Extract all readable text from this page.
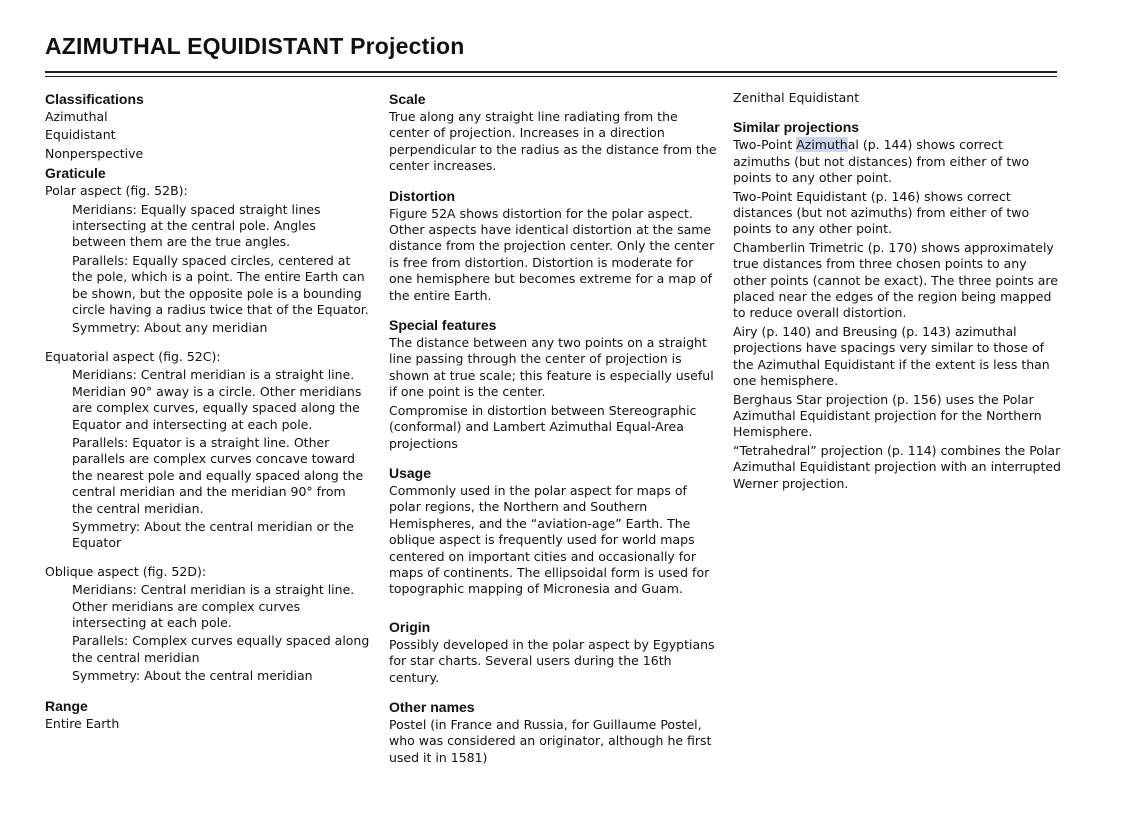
AZIMUTHAL EQUIDISTANT Projection
Classifications

Azimuthal

Equidistant

Nonperspective

Graticule

Polar aspect (fig. 52B):

Meridians: Equally spaced straight lines intersecting at the central pole. Angles between them are the true angles.

Parallels: Equally spaced circles, centered at the pole, which is a point. The entire Earth can be shown, but the opposite pole is a bounding circle having a radius twice that of the Equator.

Symmetry: About any meridian

Equatorial aspect (fig. 52C):

Meridians: Central meridian is a straight line. Meridian 90° away is a circle. Other meridians are complex curves, equally spaced along the Equator and intersecting at each pole.

Parallels: Equator is a straight line. Other parallels are complex curves concave toward the nearest pole and equally spaced along the central meridian and the meridian 90° from the central meridian.

Symmetry: About the central meridian or the Equator

Oblique aspect (fig. 52D):

Meridians: Central meridian is a straight line. Other meridians are complex curves intersecting at each pole.

Parallels: Complex curves equally spaced along the central meridian

Symmetry: About the central meridian

Range

Entire Earth

Scale

True along any straight line radiating from the center of projection. Increases in a direction perpendicular to the radius as the distance from the center increases.

Distortion

Figure 52A shows distortion for the polar aspect. Other aspects have identical distortion at the same distance from the projection center. Only the center is free from distortion. Distortion is moderate for one hemisphere but becomes extreme for a map of the entire Earth.

Special features

The distance between any two points on a straight line passing through the center of projection is shown at true scale; this feature is especially useful if one point is the center.

Compromise in distortion between Stereographic (conformal) and Lambert Azimuthal Equal-Area projections

Usage

Commonly used in the polar aspect for maps of polar regions, the Northern and Southern Hemispheres, and the “aviation-age” Earth. The oblique aspect is frequently used for world maps centered on important cities and occasionally for maps of continents. The ellipsoidal form is used for topographic mapping of Micronesia and Guam.

Origin

Possibly developed in the polar aspect by Egyptians for star charts. Several users during the 16th century.

Other names

Postel (in France and Russia, for Guillaume Postel, who was considered an originator, although he first used it in 1581)

Zenithal Equidistant

Similar projections

Two-Point Azimuthal (p. 144) shows correct azimuths (but not distances) from either of two points to any other point.

Two-Point Equidistant (p. 146) shows correct distances (but not azimuths) from either of two points to any other point.

Chamberlin Trimetric (p. 170) shows approximately true distances from three chosen points to any other points (cannot be exact). The three points are placed near the edges of the region being mapped to reduce overall distortion.

Airy (p. 140) and Breusing (p. 143) azimuthal projections have spacings very similar to those of the Azimuthal Equidistant if the extent is less than one hemisphere.

Berghaus Star projection (p. 156) uses the Polar Azimuthal Equidistant projection for the Northern Hemisphere.

“Tetrahedral” projection (p. 114) combines the Polar Azimuthal Equidistant projection with an interrupted Werner projection.
